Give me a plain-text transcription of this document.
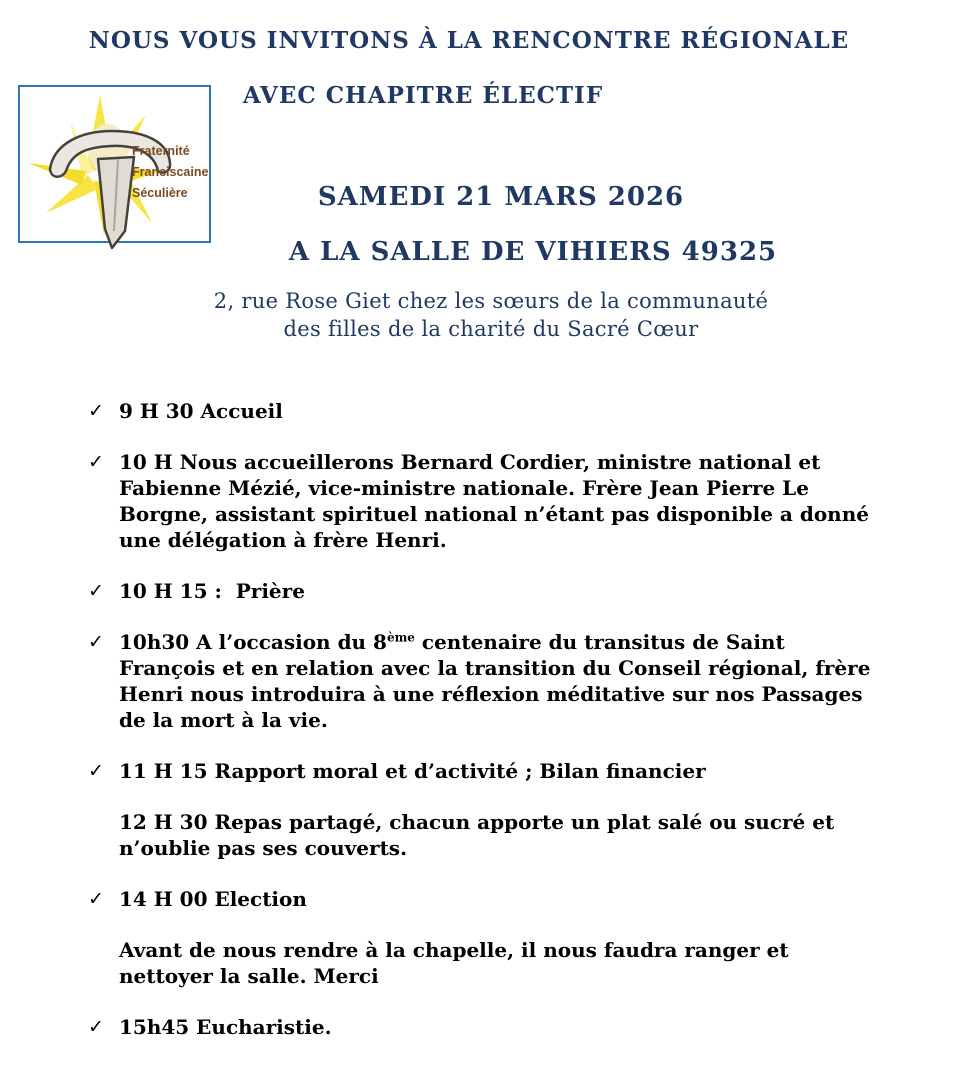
NOUS VOUS INVITONS À LA RENCONTRE RÉGIONALE
AVEC CHAPITRE ÉLECTIF
Fraternité
Franciscaine
Séculière	SAMEDI 21 MARS 2026
A LA SALLE DE VIHIERS 49325
2, rue Rose Giet chez les sœurs de la communauté
des filles de la charité du Sacré Cœur
✓ 9 H 30 Accueil
✓ 10 H Nous accueillerons Bernard Cordier, ministre national et Fabienne Mézié, vice-ministre nationale. Frère Jean Pierre Le Borgne, assistant spirituel national n’étant pas disponible a donné une délégation à frère Henri.
✓ 10 H 15 :  Prière
✓ 10h30 A l’occasion du 8ème centenaire du transitus de Saint François et en relation avec la transition du Conseil régional, frère Henri nous introduira à une réflexion méditative sur nos Passages de la mort à la vie.
✓ 11 H 15 Rapport moral et d’activité ; Bilan financier
12 H 30 Repas partagé, chacun apporte un plat salé ou sucré et n’oublie pas ses couverts.
✓ 14 H 00 Election
Avant de nous rendre à la chapelle, il nous faudra ranger et nettoyer la salle. Merci
✓ 15h45 Eucharistie.
